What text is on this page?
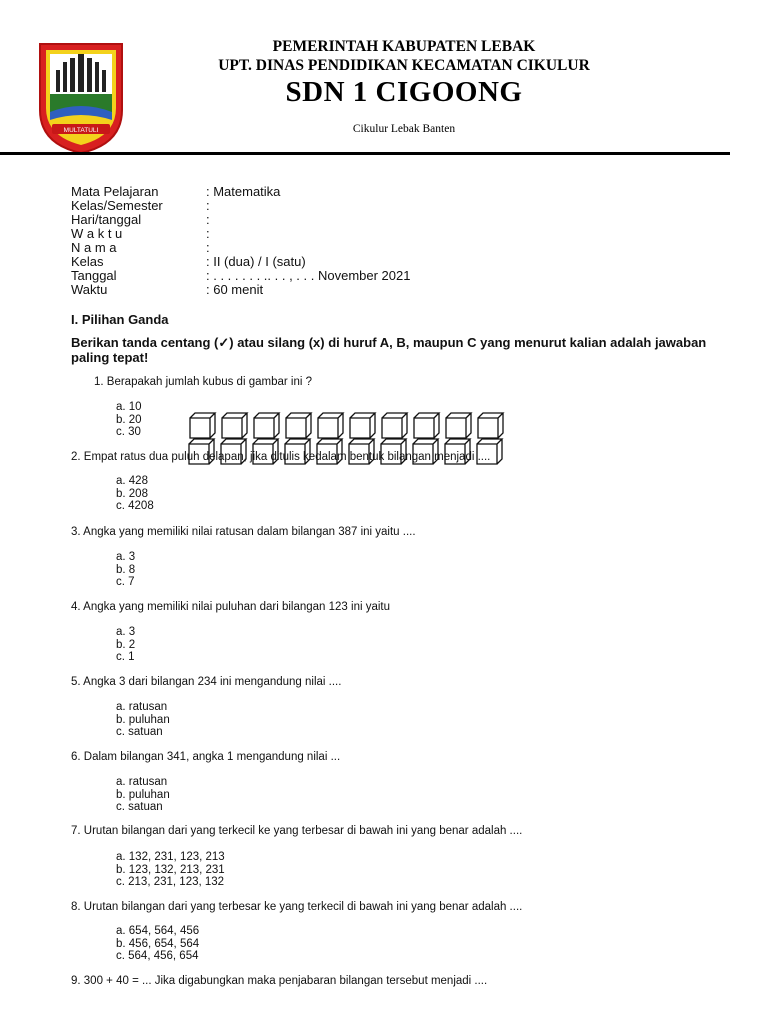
MULTATULI
PEMERINTAH KABUPATEN LEBAK
UPT. DINAS PENDIDIKAN KECAMATAN CIKULUR
SDN 1 CIGOONG
Cikulur Lebak Banten
Mata Pelajaran	: Matematika
Kelas/Semester	:
Hari/tanggal	:
W a k t u	:
N a m a	:
Kelas	: II (dua) / I (satu)
Tanggal	: . . . . . . . .. . . , . . . November 2021
Waktu	: 60 menit
I. Pilihan Ganda
Berikan tanda centang (✓) atau silang (x) di huruf A, B, maupun C yang menurut kalian adalah jawaban paling tepat!
1. Berapakah jumlah kubus di gambar ini ?
a. 10
b. 20
c. 30
2. Empat ratus dua puluh delapan, jika ditulis kedalam bentuk bilangan menjadi ....
a. 428
b. 208
c. 4208
3. Angka yang memiliki nilai ratusan dalam bilangan 387 ini yaitu ....
a. 3
b. 8
c. 7
4. Angka yang memiliki nilai puluhan dari bilangan 123 ini yaitu
a. 3
b. 2
c. 1
5. Angka 3 dari bilangan 234 ini mengandung nilai ....
a. ratusan
b. puluhan
c. satuan
6. Dalam bilangan 341, angka 1 mengandung nilai ...
a. ratusan
b. puluhan
c. satuan
7. Urutan bilangan dari yang terkecil ke yang terbesar di bawah ini yang benar adalah ....
a. 132, 231, 123, 213
b. 123, 132, 213, 231
c. 213, 231, 123, 132
8. Urutan bilangan dari yang terbesar ke yang terkecil di bawah ini yang benar adalah ....
a. 654, 564, 456
b. 456, 654, 564
c. 564, 456, 654
9. 300 + 40 = ... Jika digabungkan maka penjabaran bilangan tersebut menjadi ....
